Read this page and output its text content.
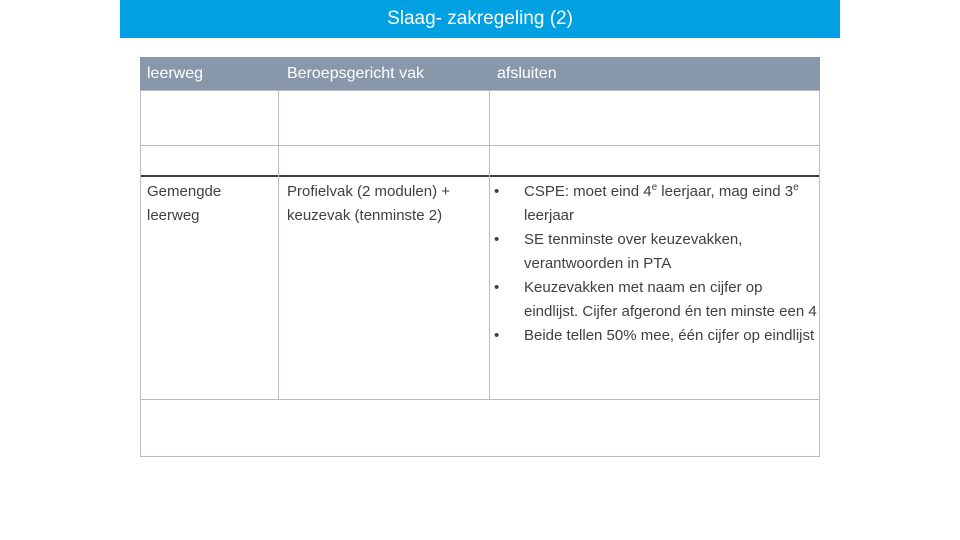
Slaag- zakregeling (2)
leerweg	Beroepsgericht vak	afsluiten
Gemengde
leerweg
Profielvak (2 modulen) +
keuzevak (tenminste 2)
• CSPE: moet eind 4e leerjaar, mag eind 3e leerjaar
• SE tenminste over keuzevakken, verantwoorden in PTA
• Keuzevakken met naam en cijfer op eindlijst. Cijfer afgerond én ten minste een 4
• Beide tellen 50% mee, één cijfer op eindlijst
